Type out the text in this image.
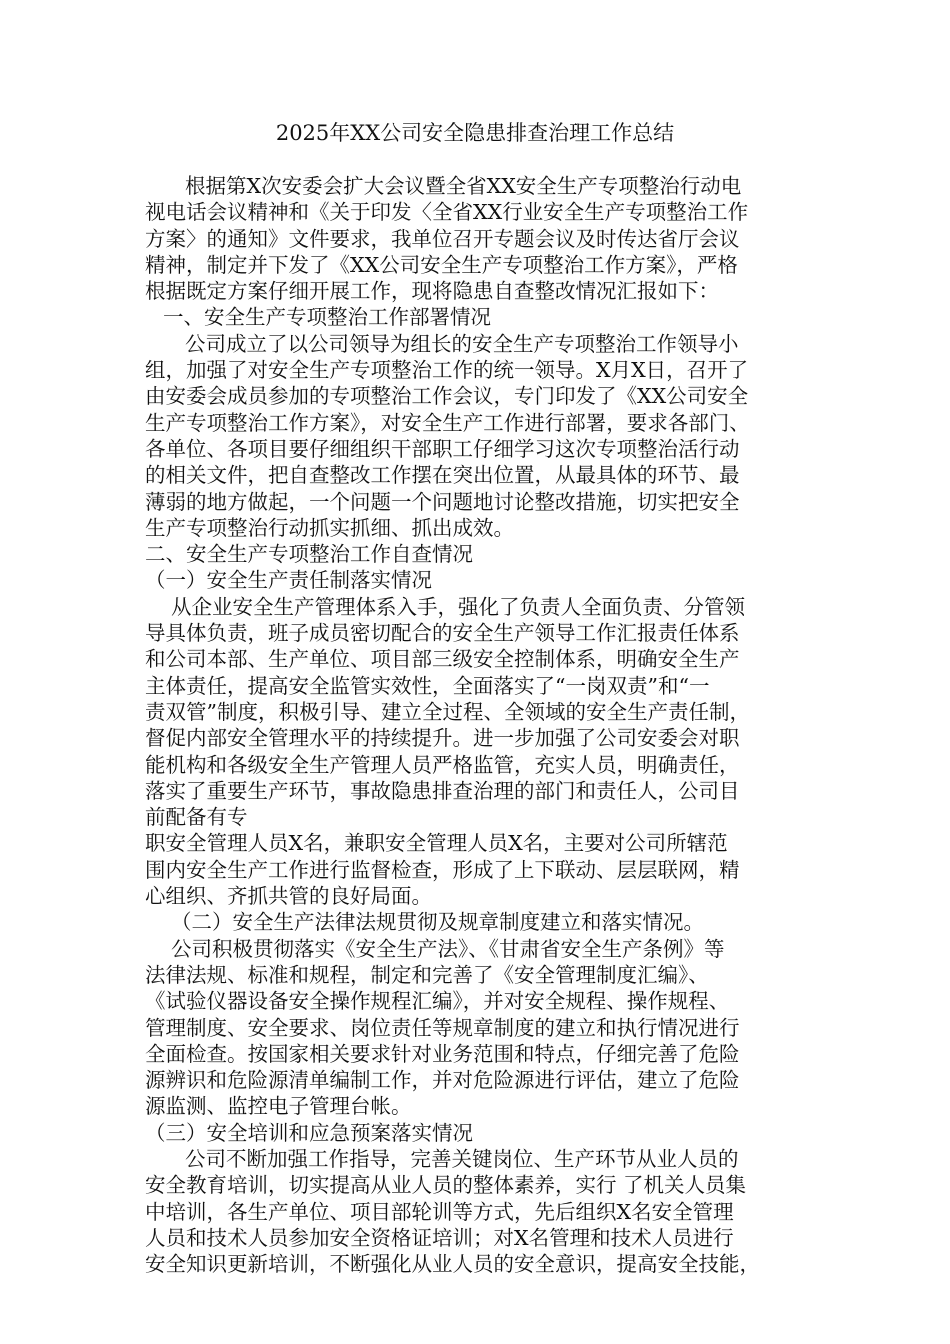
2025年XX公司安全隐患排查治理工作总结
根据第X次安委会扩大会议暨全省XX安全生产专项整治行动电
视电话会议精神和《关于印发〈全省XX行业安全生产专项整治工作
方案〉的通知》文件要求，我单位召开专题会议及时传达省厅会议
精神，制定并下发了《XX公司安全生产专项整治工作方案》，严格
根据既定方案仔细开展工作，现将隐患自查整改情况汇报如下：
一、安全生产专项整治工作部署情况
公司成立了以公司领导为组长的安全生产专项整治工作领导小
组，加强了对安全生产专项整治工作的统一领导。X月X日，召开了
由安委会成员参加的专项整治工作会议，专门印发了《XX公司安全
生产专项整治工作方案》，对安全生产工作进行部署，要求各部门、
各单位、各项目要仔细组织干部职工仔细学习这次专项整治活行动
的相关文件，把自查整改工作摆在突出位置，从最具体的环节、最
薄弱的地方做起，一个问题一个问题地讨论整改措施，切实把安全
生产专项整治行动抓实抓细、抓出成效。
二、安全生产专项整治工作自查情况
（一）安全生产责任制落实情况
从企业安全生产管理体系入手，强化了负责人全面负责、分管领
导具体负责，班子成员密切配合的安全生产领导工作汇报责任体系
和公司本部、生产单位、项目部三级安全控制体系，明确安全生产
主体责任，提高安全监管实效性，全面落实了“一岗双责”和“一
责双管”制度，积极引导、建立全过程、全领域的安全生产责任制，
督促内部安全管理水平的持续提升。进一步加强了公司安委会对职
能机构和各级安全生产管理人员严格监管，充实人员，明确责任，
落实了重要生产环节，事故隐患排查治理的部门和责任人，公司目
前配备有专
职安全管理人员X名，兼职安全管理人员X名，主要对公司所辖范
围内安全生产工作进行监督检查，形成了上下联动、层层联网，精
心组织、齐抓共管的良好局面。
（二）安全生产法律法规贯彻及规章制度建立和落实情况。
公司积极贯彻落实《安全生产法》、《甘肃省安全生产条例》等
法律法规、标准和规程，制定和完善了《安全管理制度汇编》、
《试验仪器设备安全操作规程汇编》，并对安全规程、操作规程、
管理制度、安全要求、岗位责任等规章制度的建立和执行情况进行
全面检查。按国家相关要求针对业务范围和特点，仔细完善了危险
源辨识和危险源清单编制工作，并对危险源进行评估，建立了危险
源监测、监控电子管理台帐。
（三）安全培训和应急预案落实情况
公司不断加强工作指导，完善关键岗位、生产环节从业人员的
安全教育培训，切实提高从业人员的整体素养，实行 了机关人员集
中培训，各生产单位、项目部轮训等方式，先后组织X名安全管理
人员和技术人员参加安全资格证培训；对X名管理和技术人员进行
安全知识更新培训，不断强化从业人员的安全意识，提高安全技能，
